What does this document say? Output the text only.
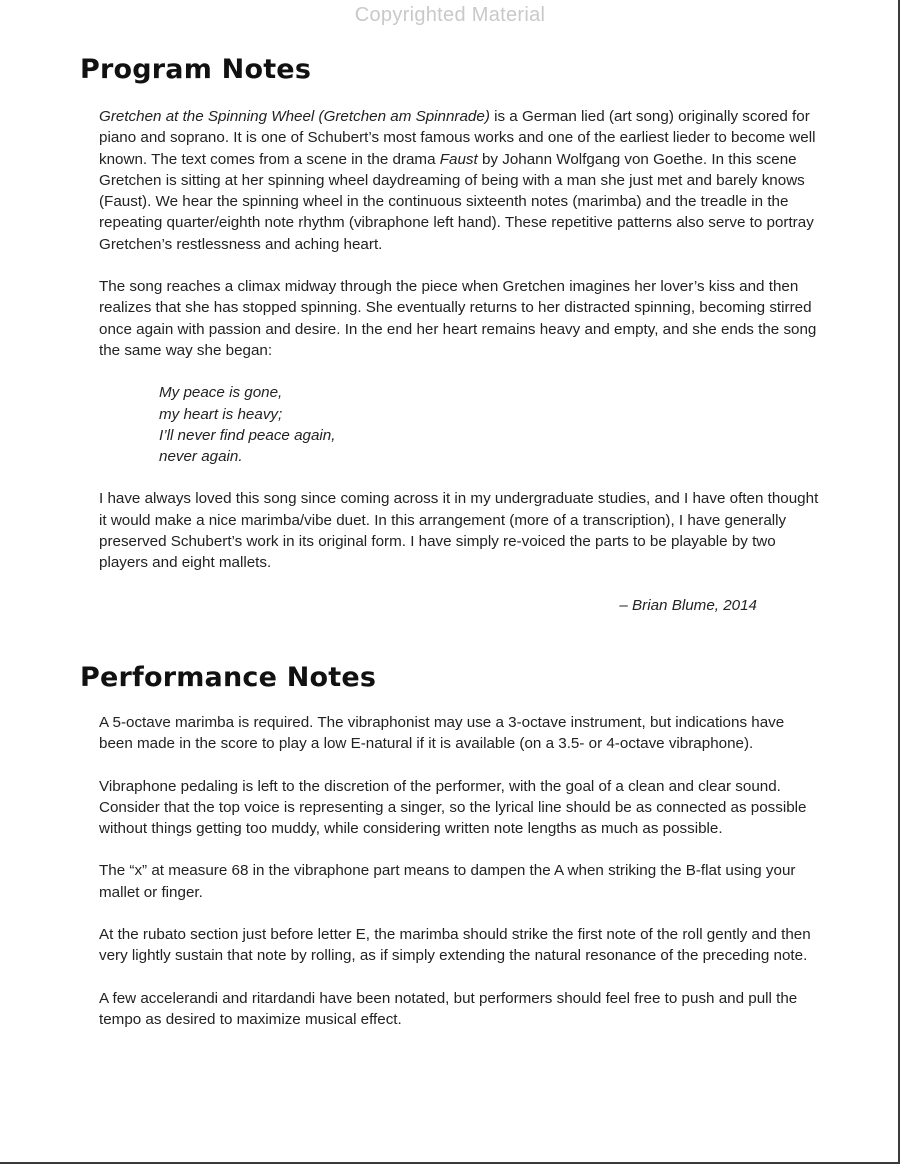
Copyrighted Material
Program Notes

Gretchen at the Spinning Wheel (Gretchen am Spinnrade) is a German lied (art song) originally scored for piano and soprano. It is one of Schubert’s most famous works and one of the earliest lieder to become well known. The text comes from a scene in the drama Faust by Johann Wolfgang von Goethe. In this scene Gretchen is sitting at her spinning wheel daydreaming of being with a man she just met and barely knows (Faust). We hear the spinning wheel in the continuous sixteenth notes (marimba) and the treadle in the repeating quarter/eighth note rhythm (vibraphone left hand). These repetitive patterns also serve to portray Gretchen’s restlessness and aching heart.

The song reaches a climax midway through the piece when Gretchen imagines her lover’s kiss and then realizes that she has stopped spinning. She eventually returns to her distracted spinning, becoming stirred once again with passion and desire. In the end her heart remains heavy and empty, and she ends the song the same way she began:

My peace is gone,
my heart is heavy;
I’ll never find peace again,
never again.

I have always loved this song since coming across it in my undergraduate studies, and I have often thought it would make a nice marimba/vibe duet. In this arrangement (more of a transcription), I have generally preserved Schubert’s work in its original form. I have simply re-voiced the parts to be playable by two players and eight mallets.

– Brian Blume, 2014
Performance Notes

A 5-octave marimba is required. The vibraphonist may use a 3-octave instrument, but indications have been made in the score to play a low E-natural if it is available (on a 3.5- or 4-octave vibraphone).

Vibraphone pedaling is left to the discretion of the performer, with the goal of a clean and clear sound. Consider that the top voice is representing a singer, so the lyrical line should be as connected as possible without things getting too muddy, while considering written note lengths as much as possible.

The “x” at measure 68 in the vibraphone part means to dampen the A when striking the B-flat using your mallet or finger.

At the rubato section just before letter E, the marimba should strike the first note of the roll gently and then very lightly sustain that note by rolling, as if simply extending the natural resonance of the preceding note.

A few accelerandi and ritardandi have been notated, but performers should feel free to push and pull the tempo as desired to maximize musical effect.
